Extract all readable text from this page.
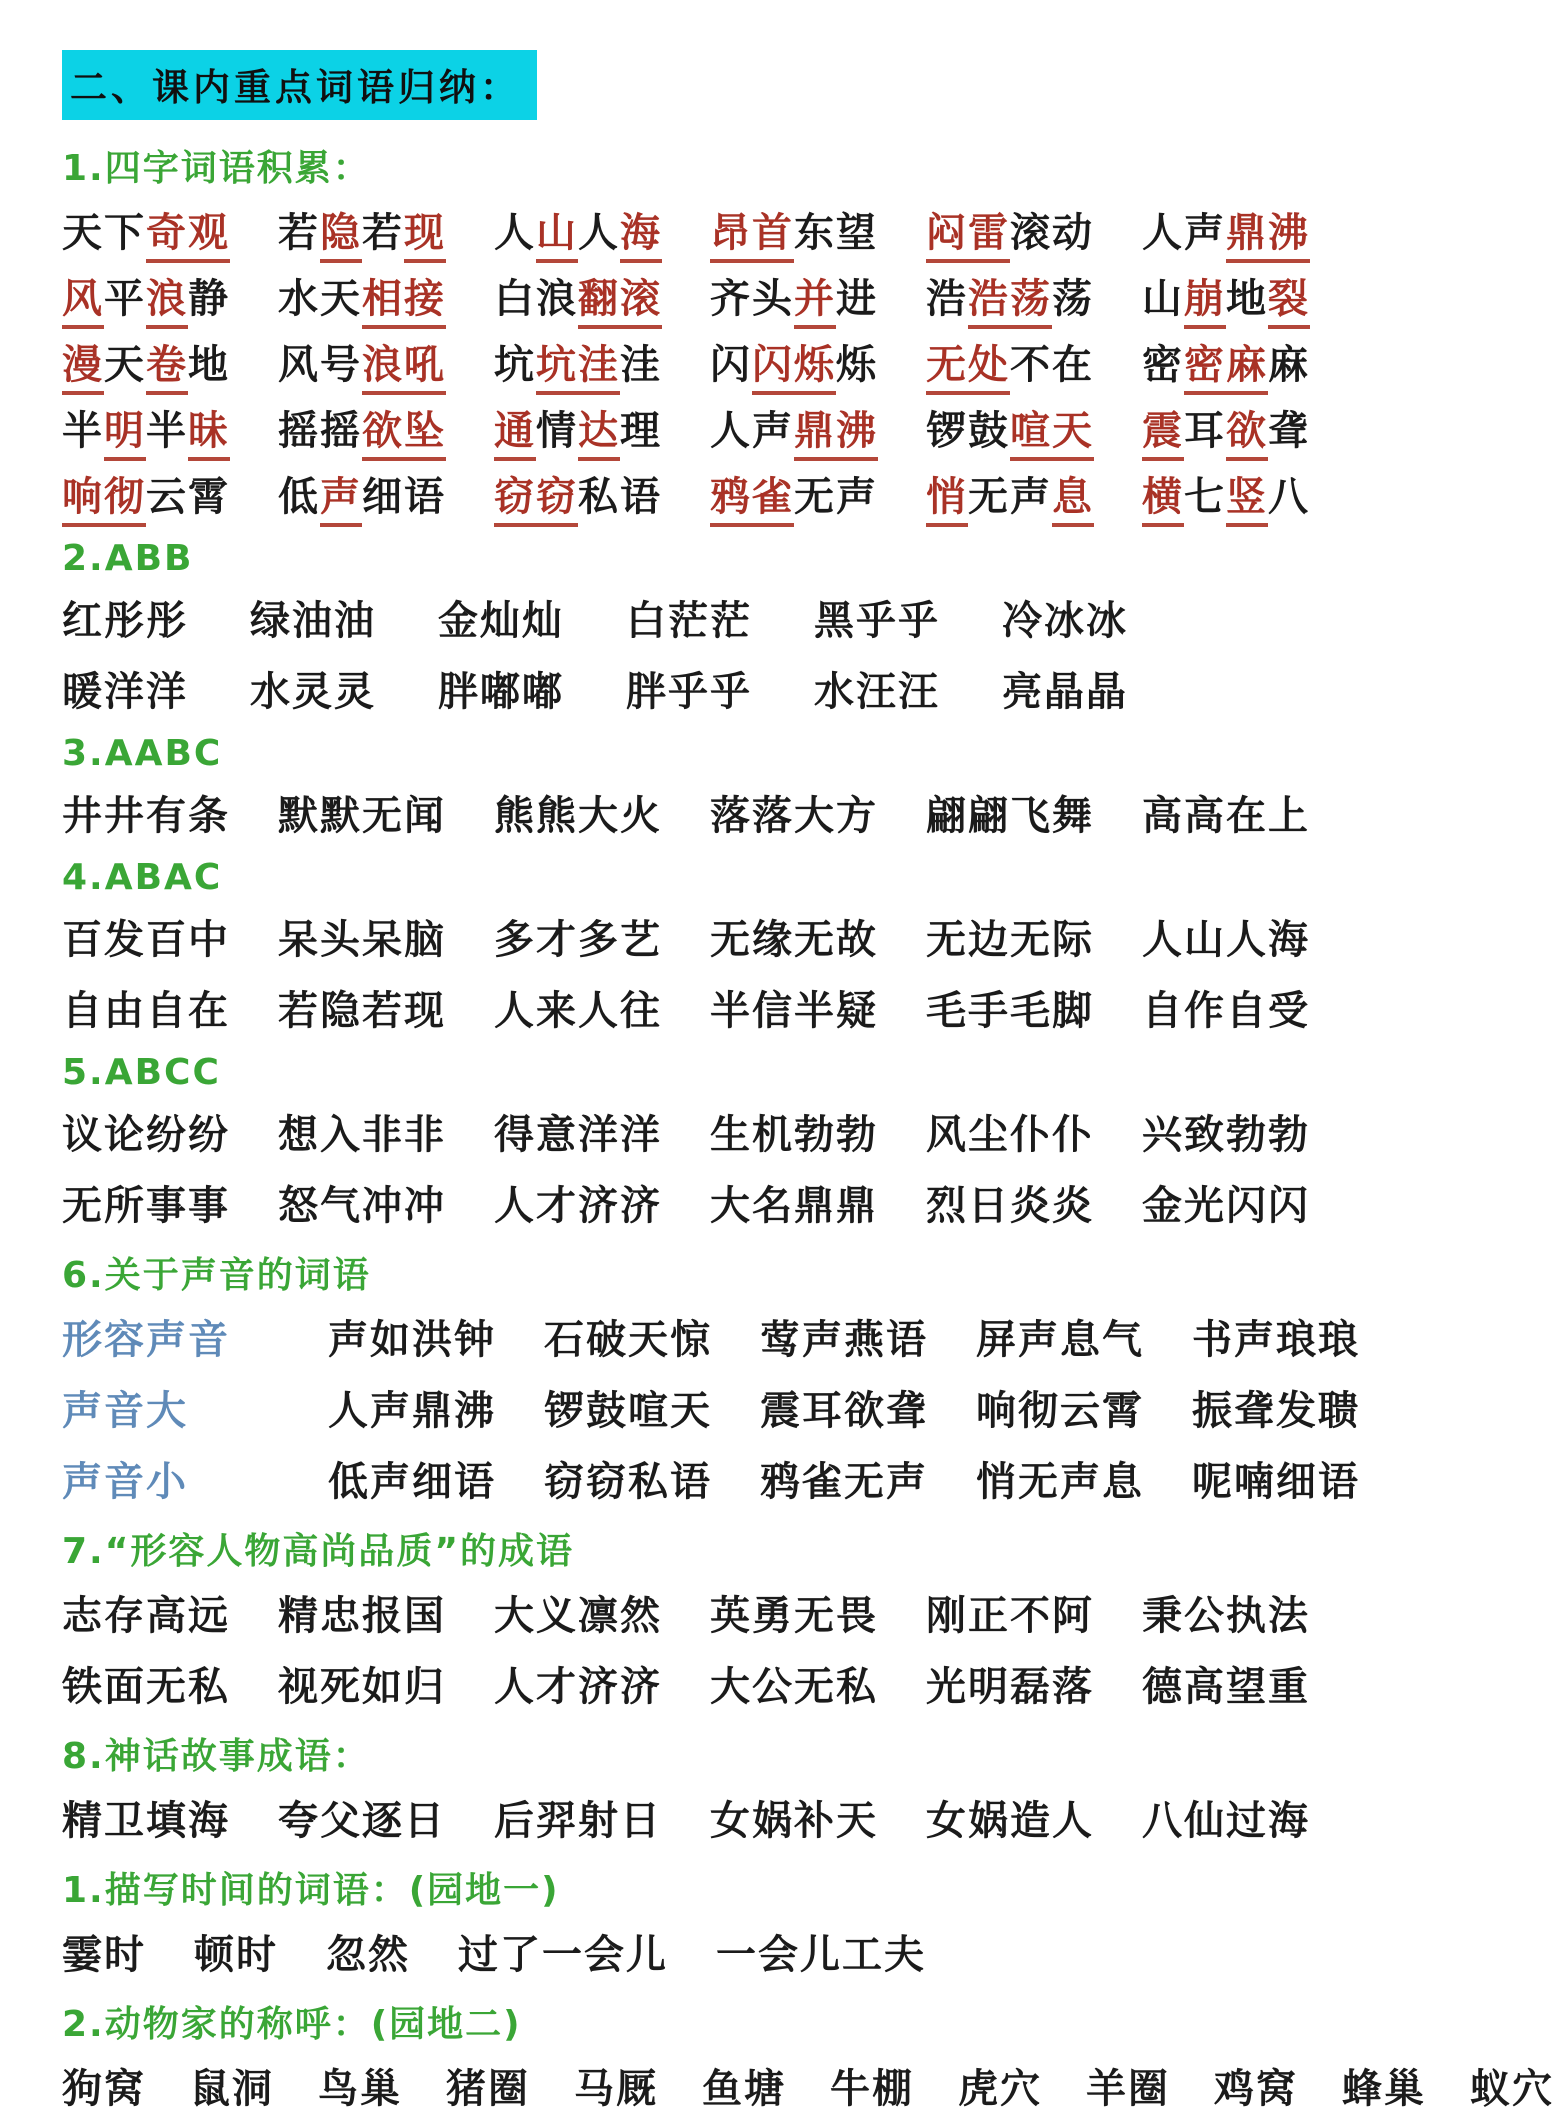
二、课内重点词语归纳：
1.四字词语积累：
天下奇观 若隐若现 人山人海 昂首东望 闷雷滚动 人声鼎沸
风平浪静 水天相接 白浪翻滚 齐头并进 浩浩荡荡 山崩地裂
漫天卷地 风号浪吼 坑坑洼洼 闪闪烁烁 无处不在 密密麻麻
半明半昧 摇摇欲坠 通情达理 人声鼎沸 锣鼓喧天 震耳欲聋
响彻云霄 低声细语 窃窃私语 鸦雀无声 悄无声息 横七竖八
2.ABB
红彤彤 绿油油 金灿灿 白茫茫 黑乎乎 冷冰冰
暖洋洋 水灵灵 胖嘟嘟 胖乎乎 水汪汪 亮晶晶
3.AABC
井井有条 默默无闻 熊熊大火 落落大方 翩翩飞舞 高高在上
4.ABAC
百发百中 呆头呆脑 多才多艺 无缘无故 无边无际 人山人海
自由自在 若隐若现 人来人往 半信半疑 毛手毛脚 自作自受
5.ABCC
议论纷纷 想入非非 得意洋洋 生机勃勃 风尘仆仆 兴致勃勃
无所事事 怒气冲冲 人才济济 大名鼎鼎 烈日炎炎 金光闪闪
6.关于声音的词语
形容声音	声如洪钟 石破天惊 莺声燕语 屏声息气 书声琅琅
声音大	人声鼎沸 锣鼓喧天 震耳欲聋 响彻云霄 振聋发聩
声音小	低声细语 窃窃私语 鸦雀无声 悄无声息 呢喃细语
7.“形容人物高尚品质”的成语
志存高远 精忠报国 大义凛然 英勇无畏 刚正不阿 秉公执法
铁面无私 视死如归 人才济济 大公无私 光明磊落 德高望重
8.神话故事成语：
精卫填海 夸父逐日 后羿射日 女娲补天 女娲造人 八仙过海
1.描写时间的词语：(园地一)
霎时 顿时 忽然 过了一会儿 一会儿工夫
2.动物家的称呼：(园地二)
狗窝 鼠洞 鸟巢 猪圈 马厩 鱼塘 牛棚 虎穴 羊圈 鸡窝 蜂巢 蚁穴
